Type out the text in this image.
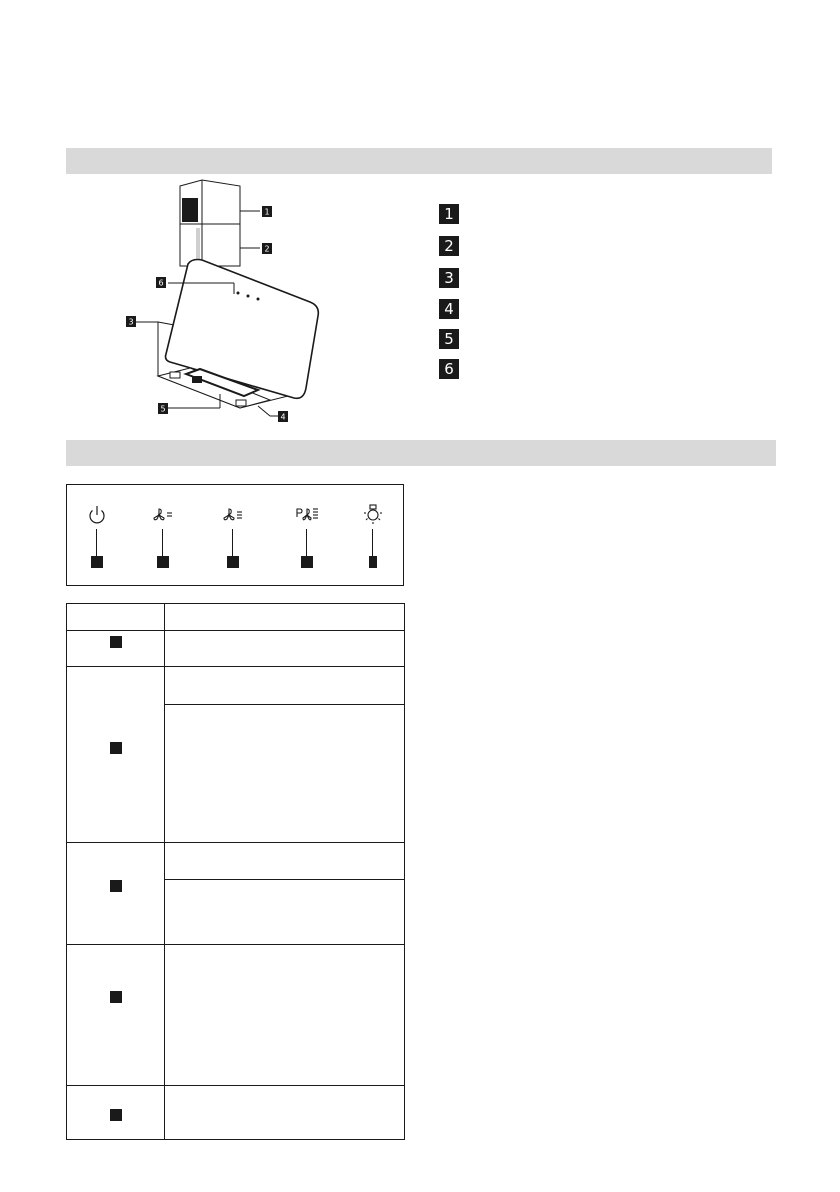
1
2
3
4
5
6
1
2
3
4
5
6
